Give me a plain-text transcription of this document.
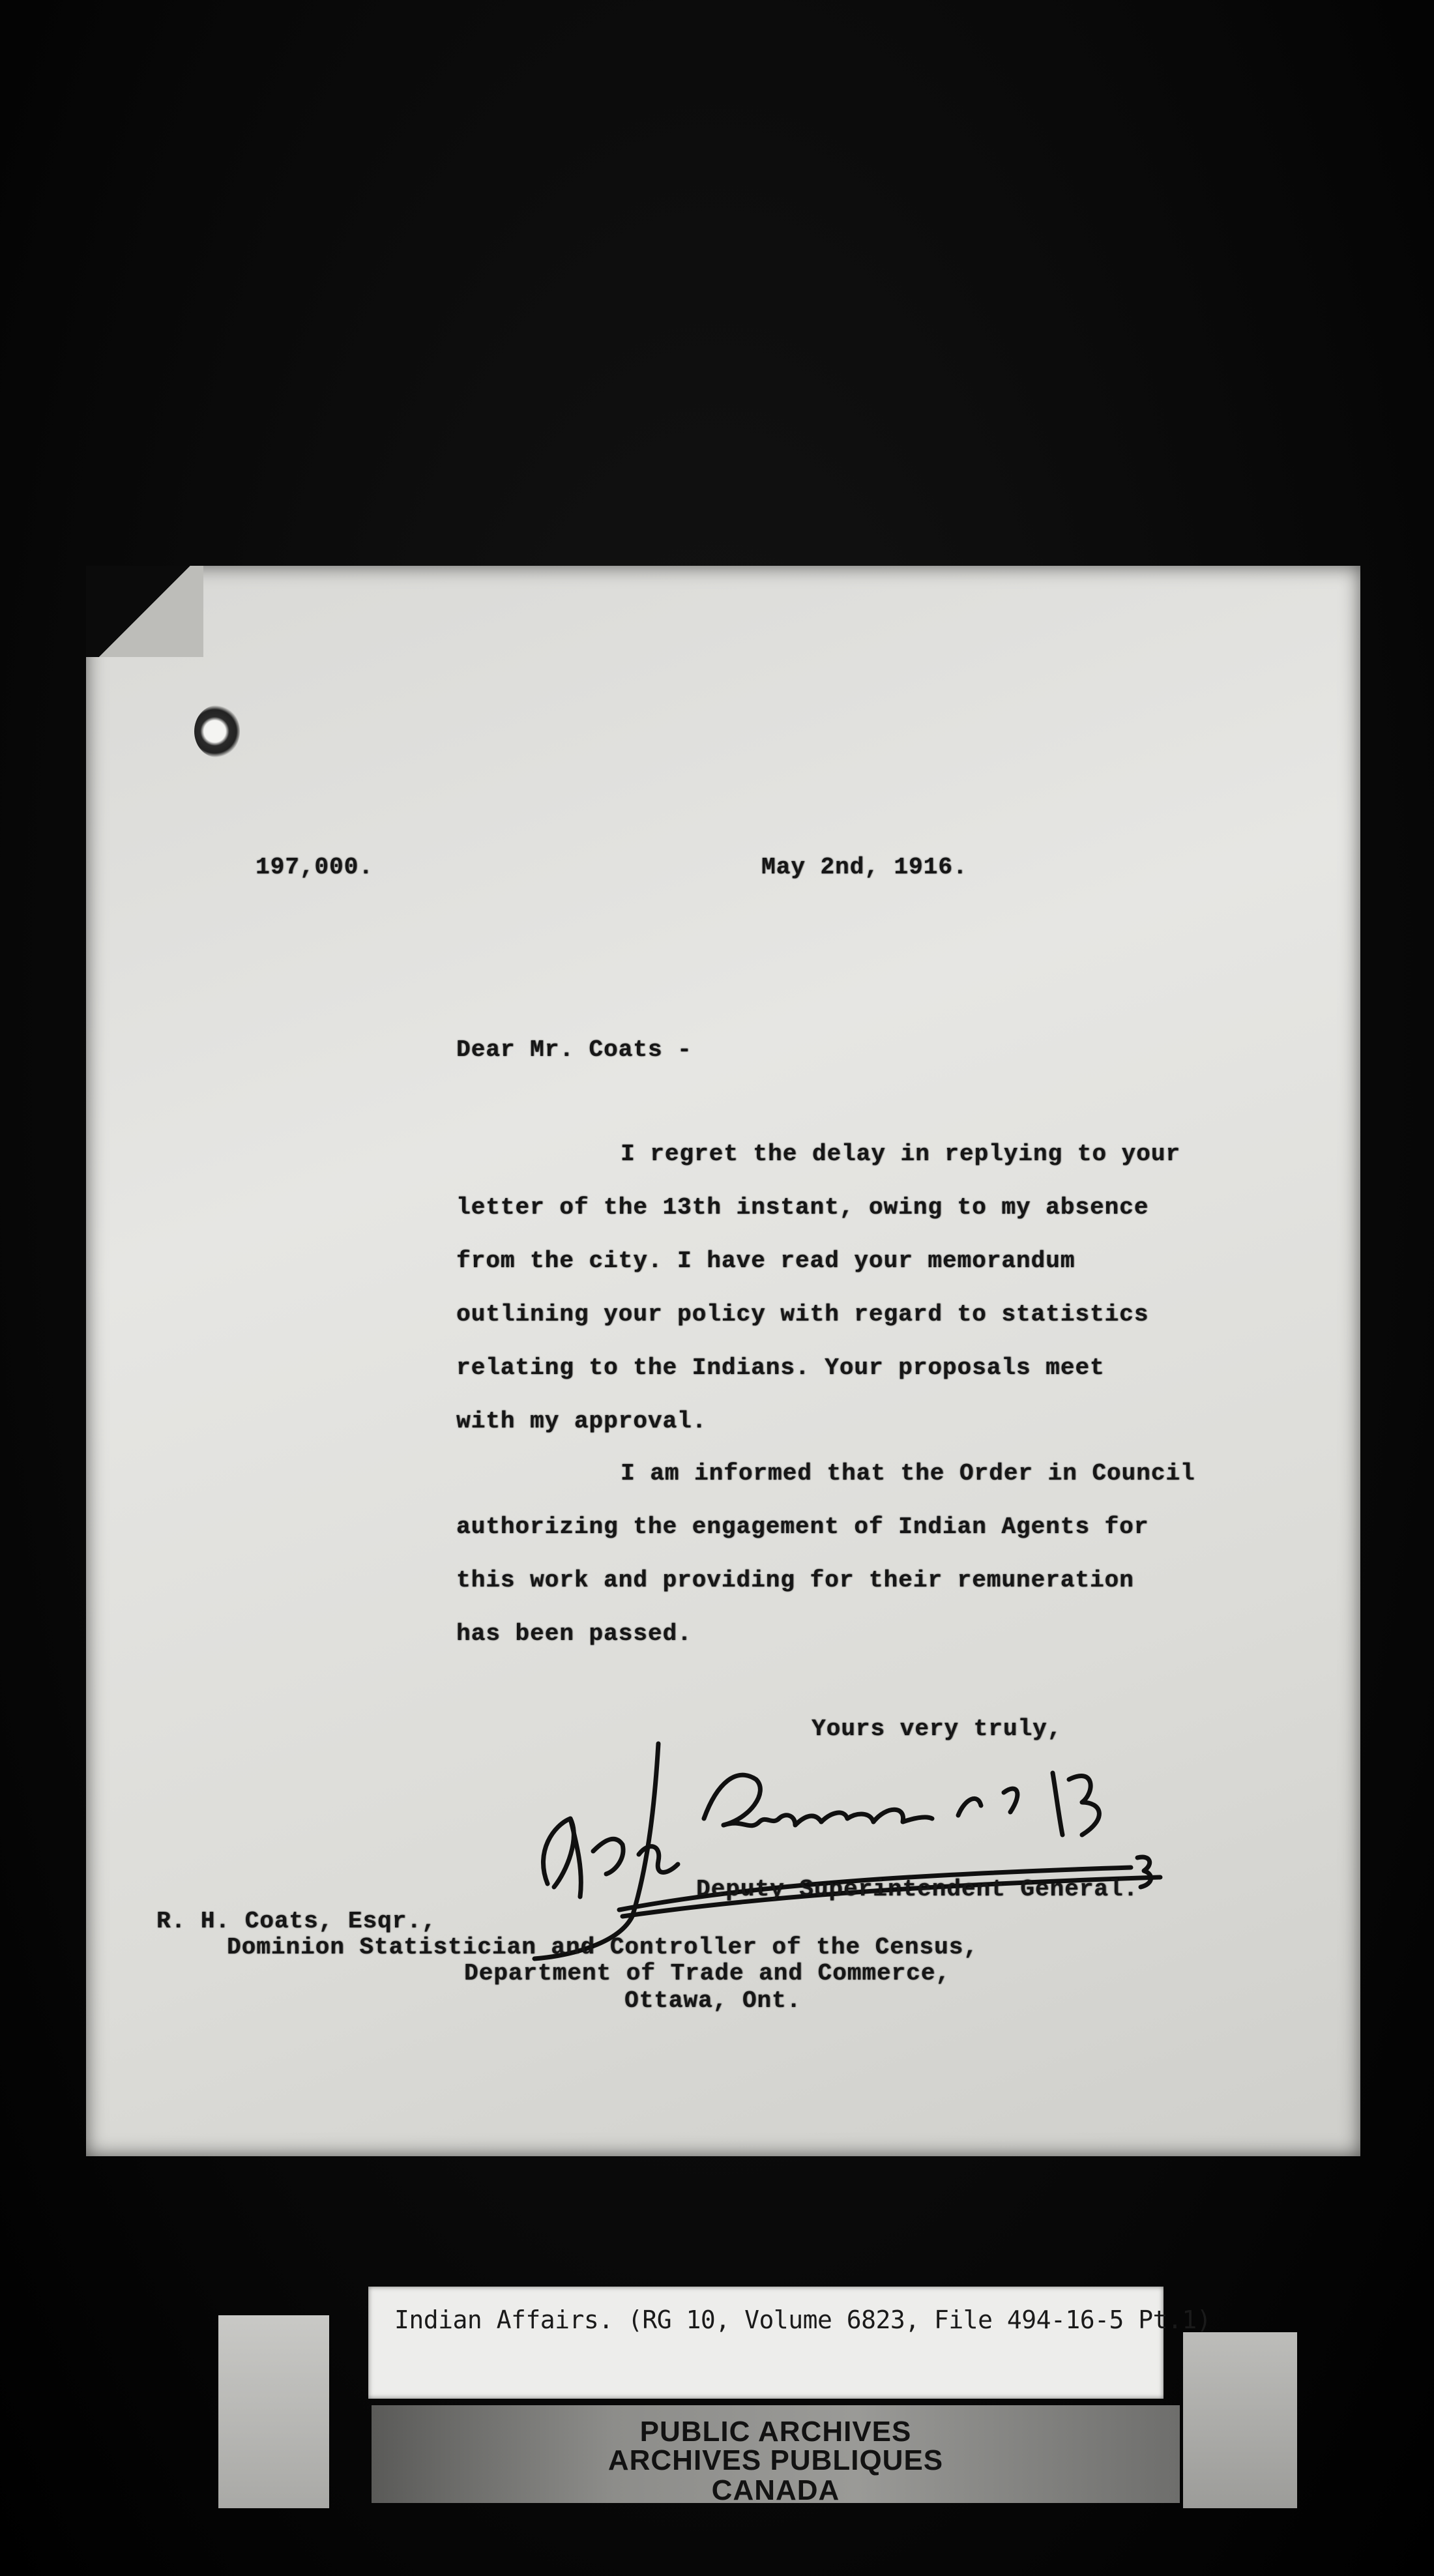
197,000.	May 2nd, 1916.
Dear Mr. Coats -
I regret the delay in replying to your
letter of the 13th instant, owing to my absence
from the city. I have read your memorandum
outlining your policy with regard to statistics
relating to the Indians. Your proposals meet
with my approval.
I am informed that the Order in Council
authorizing the engagement of Indian Agents for
this work and providing for their remuneration
has been passed.
Yours very truly,
Deputy Superintendent General.
R. H. Coats, Esqr.,
Dominion Statistician and Controller of the Census,
Department of Trade and Commerce,
Ottawa, Ont.
Indian Affairs. (RG 10, Volume 6823, File 494-16-5 Pt.1)
PUBLIC ARCHIVES
ARCHIVES PUBLIQUES
CANADA
